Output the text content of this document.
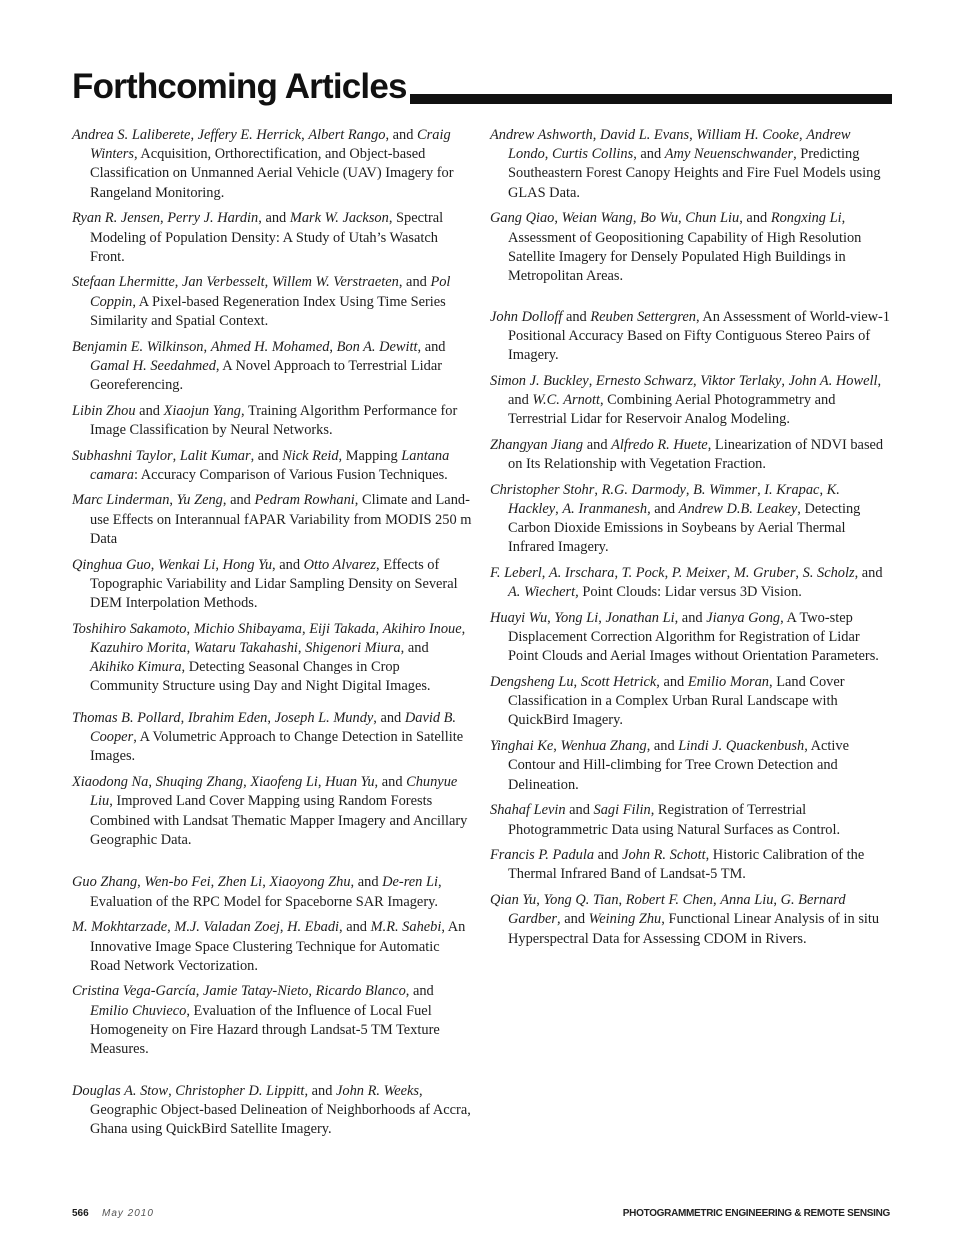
Forthcoming Articles

Andrea S. Laliberete, Jeffery E. Herrick, Albert Rango, and Craig Winters, Acquisition, Orthorectification, and Object-based Classification on Unmanned Aerial Vehicle (UAV) Imagery for Rangeland Monitoring.

Ryan R. Jensen, Perry J. Hardin, and Mark W. Jackson, Spectral Modeling of Population Density: A Study of Utah’s Wasatch Front.

Stefaan Lhermitte, Jan Verbesselt, Willem W. Verstraeten, and Pol Coppin, A Pixel-based Regeneration Index Using Time Series Similarity and Spatial Context.

Benjamin E. Wilkinson, Ahmed H. Mohamed, Bon A. Dewitt, and Gamal H. Seedahmed, A Novel Approach to Terrestrial Lidar Georeferencing.

Libin Zhou and Xiaojun Yang, Training Algorithm Performance for Image Classification by Neural Networks.

Subhashni Taylor, Lalit Kumar, and Nick Reid, Mapping Lantana camara: Accuracy Comparison of Various Fusion Techniques.

Marc Linderman, Yu Zeng, and Pedram Rowhani, Climate and Land-use Effects on Interannual fAPAR Variability from MODIS 250 m Data

Qinghua Guo, Wenkai Li, Hong Yu, and Otto Alvarez, Effects of Topographic Variability and Lidar Sampling Density on Several DEM Interpolation Methods.

Toshihiro Sakamoto, Michio Shibayama, Eiji Takada, Akihiro Inoue, Kazuhiro Morita, Wataru Takahashi, Shigenori Miura, and Akihiko Kimura, Detecting Seasonal Changes in Crop Community Structure using Day and Night Digital Images.

Thomas B. Pollard, Ibrahim Eden, Joseph L. Mundy, and David B. Cooper, A Volumetric Approach to Change Detection in Satellite Images.

Xiaodong Na, Shuqing Zhang, Xiaofeng Li, Huan Yu, and Chunyue Liu, Improved Land Cover Mapping using Random Forests Combined with Landsat Thematic Mapper Imagery and Ancillary Geographic Data.

Guo Zhang, Wen-bo Fei, Zhen Li, Xiaoyong Zhu, and De-ren Li, Evaluation of the RPC Model for Spaceborne SAR Imagery.

M. Mokhtarzade, M.J. Valadan Zoej, H. Ebadi, and M.R. Sahebi, An Innovative Image Space Clustering Technique for Automatic Road Network Vectorization.

Cristina Vega-García, Jamie Tatay-Nieto, Ricardo Blanco, and Emilio Chuvieco, Evaluation of the Influence of Local Fuel Homogeneity on Fire Hazard through Landsat-5 TM Texture Measures.

Douglas A. Stow, Christopher D. Lippitt, and John R. Weeks, Geographic Object-based Delineation of Neighborhoods af Accra, Ghana using QuickBird Satellite Imagery.

Andrew Ashworth, David L. Evans, William H. Cooke, Andrew Londo, Curtis Collins, and Amy Neuenschwander, Predicting Southeastern Forest Canopy Heights and Fire Fuel Models using GLAS Data.

Gang Qiao, Weian Wang, Bo Wu, Chun Liu, and Rongxing Li, Assessment of Geopositioning Capability of High Resolution Satellite Imagery for Densely Populated High Buildings in Metropolitan Areas.

John Dolloff and Reuben Settergren, An Assessment of World-view-1 Positional Accuracy Based on Fifty Contiguous Stereo Pairs of Imagery.

Simon J. Buckley, Ernesto Schwarz, Viktor Terlaky, John A. Howell, and W.C. Arnott, Combining Aerial Photogrammetry and Terrestrial Lidar for Reservoir Analog Modeling.

Zhangyan Jiang and Alfredo R. Huete, Linearization of NDVI based on Its Relationship with Vegetation Fraction.

Christopher Stohr, R.G. Darmody, B. Wimmer, I. Krapac, K. Hackley, A. Iranmanesh, and Andrew D.B. Leakey, Detecting Carbon Dioxide Emissions in Soybeans by Aerial Thermal Infrared Imagery.

F. Leberl, A. Irschara, T. Pock, P. Meixer, M. Gruber, S. Scholz, and A. Wiechert, Point Clouds: Lidar versus 3D Vision.

Huayi Wu, Yong Li, Jonathan Li, and Jianya Gong, A Two-step Displacement Correction Algorithm for Registration of Lidar Point Clouds and Aerial Images without Orientation Parameters.

Dengsheng Lu, Scott Hetrick, and Emilio Moran, Land Cover Classification in a Complex Urban Rural Landscape with QuickBird Imagery.

Yinghai Ke, Wenhua Zhang, and Lindi J. Quackenbush, Active Contour and Hill-climbing for Tree Crown Detection and Delineation.

Shahaf Levin and Sagi Filin, Registration of Terrestrial Photogrammetric Data using Natural Surfaces as Control.

Francis P. Padula and John R. Schott, Historic Calibration of the Thermal Infrared Band of Landsat-5 TM.

Qian Yu, Yong Q. Tian, Robert F. Chen, Anna Liu, G. Bernard Gardber, and Weining Zhu, Functional Linear Analysis of in situ Hyperspectral Data for Assessing CDOM in Rivers.

566 May 2010	PHOTOGRAMMETRIC ENGINEERING & REMOTE SENSING
